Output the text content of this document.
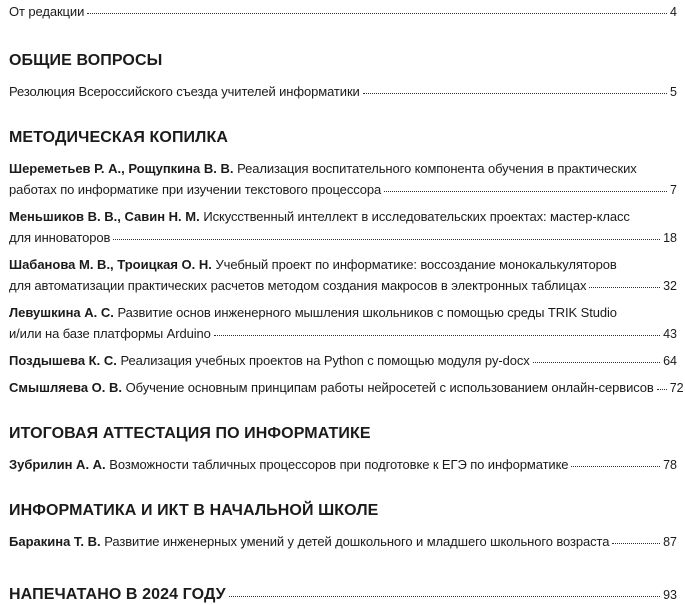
От редакции	4
ОБЩИЕ ВОПРОСЫ
Резолюция Всероссийского съезда учителей информатики	5
МЕТОДИЧЕСКАЯ КОПИЛКА
Шереметьев Р. А., Рощупкина В. В. Реализация воспитательного компонента обучения в практических
работах по информатике при изучении текстового процессора	7
Меньшиков В. В., Савин Н. М. Искусственный интеллект в исследовательских проектах: мастер-класс
для инноваторов	18
Шабанова М. В., Троицкая О. Н. Учебный проект по информатике: воссоздание монокалькуляторов
для автоматизации практических расчетов методом создания макросов в электронных таблицах	32
Левушкина А. С. Развитие основ инженерного мышления школьников с помощью среды TRIK Studio
и/или на базе платформы Arduino	43
Поздышева К. С. Реализация учебных проектов на Python с помощью модуля py-docx	64
Смышляева О. В. Обучение основным принципам работы нейросетей с использованием онлайн-сервисов 72
ИТОГОВАЯ АТТЕСТАЦИЯ ПО ИНФОРМАТИКЕ
Зубрилин А. А. Возможности табличных процессоров при подготовке к ЕГЭ по информатике	78
ИНФОРМАТИКА И ИКТ В НАЧАЛЬНОЙ ШКОЛЕ
Баракина Т. В. Развитие инженерных умений у детей дошкольного и младшего школьного возраста	87
НАПЕЧАТАНО В 2024 ГОДУ	93
